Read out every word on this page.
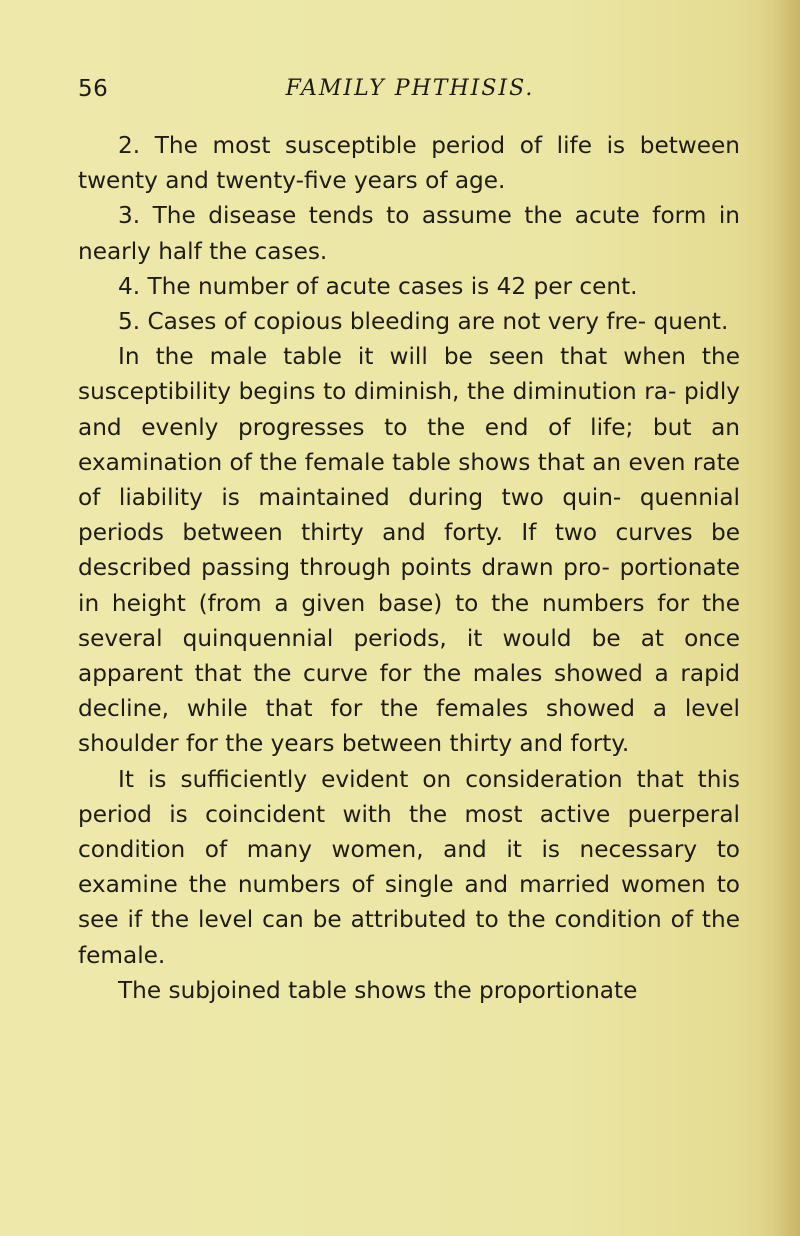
56	FAMILY PHTHISIS.

2. The most susceptible period of life is between twenty and twenty-five years of age.

3. The disease tends to assume the acute form in nearly half the cases.

4. The number of acute cases is 42 per cent.

5. Cases of copious bleeding are not very fre- quent.

In the male table it will be seen that when the susceptibility begins to diminish, the diminution ra- pidly and evenly progresses to the end of life; but an examination of the female table shows that an even rate of liability is maintained during two quin- quennial periods between thirty and forty. If two curves be described passing through points drawn pro- portionate in height (from a given base) to the numbers for the several quinquennial periods, it would be at once apparent that the curve for the males showed a rapid decline, while that for the females showed a level shoulder for the years between thirty and forty.

It is sufficiently evident on consideration that this period is coincident with the most active puerperal condition of many women, and it is necessary to examine the numbers of single and married women to see if the level can be attributed to the condition of the female.

The subjoined table shows the proportionate
